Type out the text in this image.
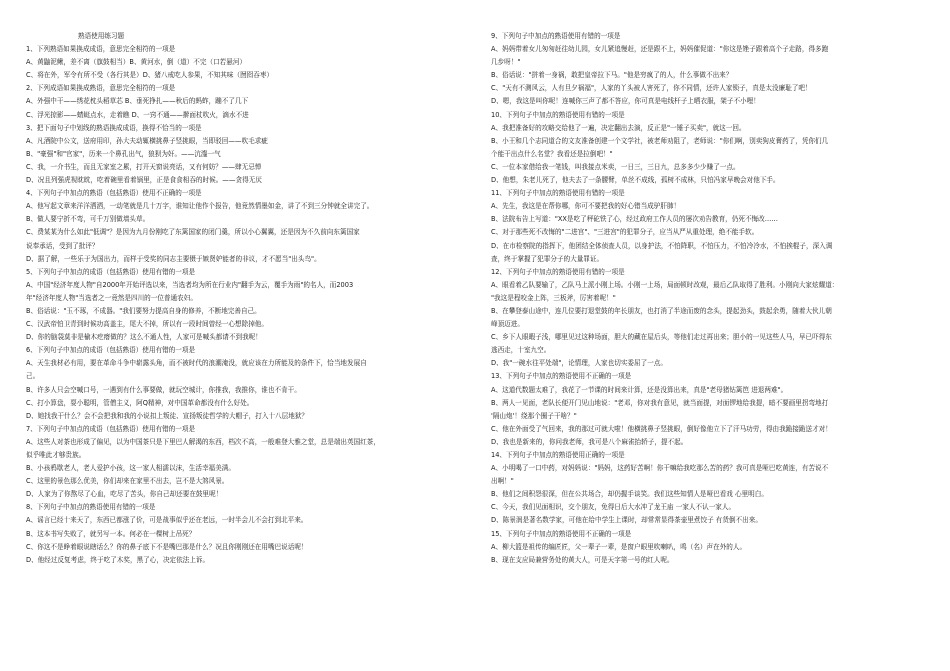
熟语使用练习题
1、下列熟语如果换成成语，意思完全相符的一项是
A、黄鼬泥鳅，差不离（旗鼓相当）B、黄河水，倒（道）不完（口若悬河）
C、将在外，军令有所不受（各行其是）D、猪八戒吃人参果，不知其味（囫囵吞枣）
2、下列成语如果换成熟语，意思完全相符的一项是
A、外强中干——绣花枕头稻草芯 B、垂死挣扎——秋后的蚂蚱，蹦不了几下
C、浮光掠影——蜻蜓点水，走着瞧 D、一窍不通——擀面杖吹火，滴水不进
3、把下面句子中划线的熟语换成成语，换得不恰当的一项是
A、凡酒院中公文，送府用印，孙大夫动辄横挑鼻子竖挑眼，当即驳回——吹毛求疵
B、"豪强"和"官家"，历来一个鼻孔出气，狼狈为奸。——沆瀣一气
C、我，一介书生，而且无家室之累，打开天窗说亮话，又有何妨？——肆无忌惮
D、况且列强虎视眈眈，吃着碗里看着锅里，正是食食相吞的时候。——贪得无厌
4、下列句子中加点的熟语（包括熟语）使用不正确的一项是
A、他写起文章来洋洋洒洒，一动笔就是几十万字，谁知让他作个报告，他竟然情墨如金，讲了不到三分钟就全讲完了。
B、做人要宁折不弯，可千万别做墙头草。
C、费某某为什么如此"低调"？是因为九月份刚吃了东篱国家的闭门羹，所以小心翼翼，还是因为不久前向东篱国家
说奉承话，受到了批评？
D、据了解，一些乐于为国出力，而样于受奖的同志主要慑于嫉贤妒能者的非议，才不愿当"出头鸟"。
5、下列句子中加点的成语（包括熟语）使用有错的一项是
A、中国"经济年度人物"自2000年开始评选以来，当选者均为所在行业内"翻手为云，覆手为雨"的名人，而2003
年"经济年度人物"当选者之一竟然是四川的一位普通农妇。
B、俗话说："玉不琢，不成器。"我们要努力提高自身的修养，不断地完善自己。
C、汉武帝怕卫青到时候功高盖主，尾大不掉，所以有一段时间曾经一心想除掉他。
D、你的脑袋莫非是榆木疙瘩做的？这么不通人性，人家可是喊头都请不到我呢！
6、下列句子中加点的成语（包括熟语）使用有错的一项是
A、天生我材必有用，要在革命斗争中崭露头角，而不被时代的浪潮淹没，就应该在力所能及的条件下，恰当地发展自
己。
B、许多人只会空喊口号，一遇到有什么事要做，就玩空城计，你推我，我推你，谁也不肯干。
C、打小算盘，耍小聪明，管僧主义，阿Q精神，对中国革命都没有什么好处。
D、她找我干什么？会不会把我和我的小说扣上叛徒、宣扬叛徒哲学的大帽子，打入十八层地狱？
7、下列句子中加点的成语（包括熟语）使用有错的一项是
A、这些人对茶也形成了偏见，以为中国茶只是下里巴人解渴的东西，档次不高，一般难登大雅之堂，总是端出英国红茶，
似乎唯此才够贵族。
B、小孩鸦歇老人，老人爱护小孩，这一家人相濡以沫，生活幸福美满。
C、这里的景色那么优美，你们却来在家里不出去，岂不是大煞风景。
D、人家为了你熬尽了心血，吃尽了苦头，你自己却还要在鼓里呢！
8、下列句子中加点的熟语使用有错的一项是
A、谣言已经十来天了，东西已都涨了价，可是战事似乎还在老远，一时半会儿不会打到北平来。
B、这本书写失败了，就另写一本。何必在一棵树上吊死？
C、你这不是睁着眼说瞎话么？你的鼻子底下不是嘴巴那是什么？况且你刚刚还在用嘴巴说话呢！
D、他经过反复考虑，终于吃了木奖，黑了心，决定依法上诉。
9、下列句子中加点的熟语使用有错的一项是
A、妈妈带着女儿匆匆赶往幼儿园，女儿紧追慢赶，还是跟不上，妈妈催促道："你这是矬子跟着高个子走路，得多跑
几步呀！"
B、俗话说："拼着一身祸，敢把皇帝拉下马。"他是穷疯了的人，什么事做不出来？
C、"天有不测风云，人有旦夕祸福"，人家的丫头被人害死了，你不同情，还许人家锁子，真是太没廉耻了吧！
D、嗯，我这是叫你呢！连喊你三声了都不答应，你可真是电线杆子上晒衣服，架子不小哩！
10、下列句子中加点的熟语使用有错的一项是
A、我把准备好的攻略交给他了一遍，决定翻出去演，反正是"一锤子买卖"，就这一回。
B、小王和几个志同道合的文友准备创建一个文学社，被老师劝阻了，老师说："你们啊，别卖狗皮膏药了，凭你们几
个能干出点什么名堂？我看还是拉倒吧！"
C、一位本家借给我一笔钱，叫我接点米卖，一日三，三日九，总多多少少赚了一点。
D、他想，朱老儿死了，他夫去了一条腰臂，单丝不成线，孤树不成林，只怕冯家早晚会对他下手。
11、下列句子中加点的熟语使用有错的一项是
A、先生，我这是在帮你哪，你可不要把我的好心错当成驴肝肺！
B、法院布告上写道："XX是吃了秤砣铁了心，经过政府工作人员的屡次劝告教育，仍死不悔改……
C、对于那些死不改悔的"二进宫"、"三进宫"的犯罪分子，应当从严从重处理，绝不能手软。
D、在市检察院的指挥下，他团结全体侦查人员，以身护法，不怕降职，不怕压力，不怕冷冷水，不怕挨棍子，深入调
查，终于掌握了犯罪分子的大量罪证。
12、下列句子中加点的熟语使用有错的一项是
A、眼看着乙队要输了，乙队马上派小刚上场。小刚一上场，局面顿时改观，最后乙队取得了胜利。小刚向大家炫耀道：
"我这是程咬金上阵，三板斧，厉害着呢！"
B、在攀登泰山途中，连几位要打退堂鼓的年长朋友，也打消了半途而废的念头，提起劲头，鼓起余勇，随着大伙儿朝
峰顶迈进。
C、乡下人眼暇子浅，哪里见过这种场面，胆大的藏在屋后头，等他们走过再出来；胆小的一见这些人马，早已吓得东
逃西走，十室九空。
D、我"一碗水往平处端"，论情理，人家也切实委屈了一点。
13、下列句子中加点的熟语使用不正确的一项是
A、这道代数题太难了，我花了一节课的时间来计算，还是没算出来，真是"老母猪钻篱笆 进退两难"。
B、两人一见面，老队长便开门见山地说："老邓，你对我有意见，就当面提，对面锣地给我提，暗不要画里拐弯地打
'隔山炮'！绕那个圈子干啥？"
C、他在外面受了气回来，我的那过可就大啦！他横挑鼻子竖挑眼，倒好像他立下了汗马功劳，得由我跪接跪送才对！
D、我也是新来的，你问我老师，我可是八个麻雀抬轿子，提不起。
14、下列句子中加点的熟语使用正确的一项是
A、小明喝了一口中药，对妈妈说："妈妈，这药好苦啊！你干嘛给我吃那么苦的药？我可真是哑巴吃黄连，有苦说不
出啊！"
B、他们之间积怨很深，但在公共场合，却仍握手谈笑。我们这些知情人是哑巴看戏 心里明白。
C、今天，我们见面相识，交个朋友，免得日后大水冲了龙王庙 一家人不认一家人。
D、陈景润是著名数学家，可他在给中学生上课时，却常常显得茶壶里煮饺子 有货倒不出来。
15、下列句子中加点的熟语使用不正确的一项是
A、柳大篮是祖传的编匠匠，父一辈子一辈，是窗户眼里吹喇叭，鸣（名）声在外的人。
B、现在支应局兼营务处的黄大人，可是天字第一号的红人呢。
